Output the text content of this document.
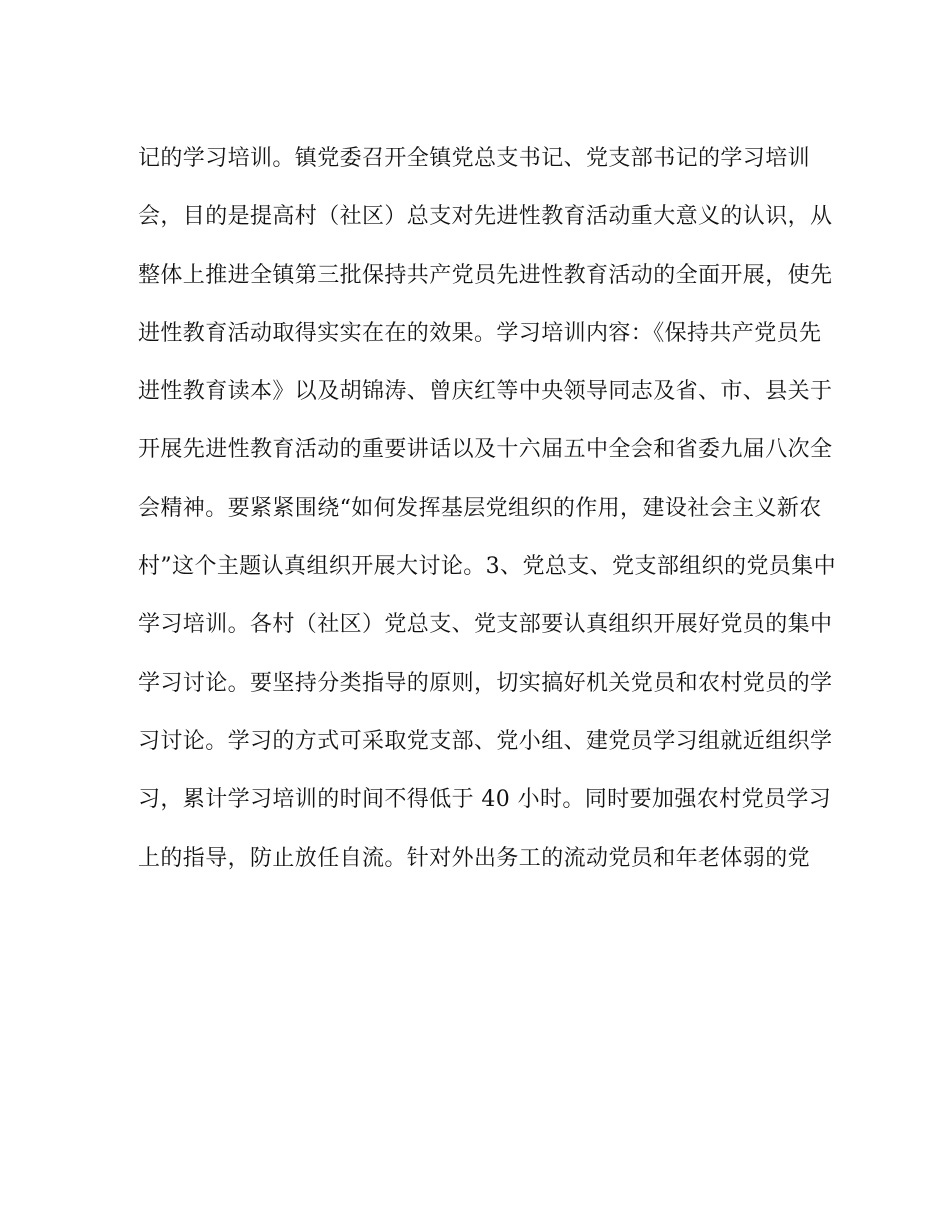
记的学习培训。镇党委召开全镇党总支书记、党支部书记的学习培训
会，目的是提高村（社区）总支对先进性教育活动重大意义的认识，从
整体上推进全镇第三批保持共产党员先进性教育活动的全面开展，使先
进性教育活动取得实实在在的效果。学习培训内容：《保持共产党员先
进性教育读本》以及胡锦涛、曾庆红等中央领导同志及省、市、县关于
开展先进性教育活动的重要讲话以及十六届五中全会和省委九届八次全
会精神。要紧紧围绕“如何发挥基层党组织的作用，建设社会主义新农
村”这个主题认真组织开展大讨论。3、党总支、党支部组织的党员集中
学习培训。各村（社区）党总支、党支部要认真组织开展好党员的集中
学习讨论。要坚持分类指导的原则，切实搞好机关党员和农村党员的学
习讨论。学习的方式可采取党支部、党小组、建党员学习组就近组织学
习，累计学习培训的时间不得低于 40 小时。同时要加强农村党员学习
上的指导，防止放任自流。针对外出务工的流动党员和年老体弱的党
